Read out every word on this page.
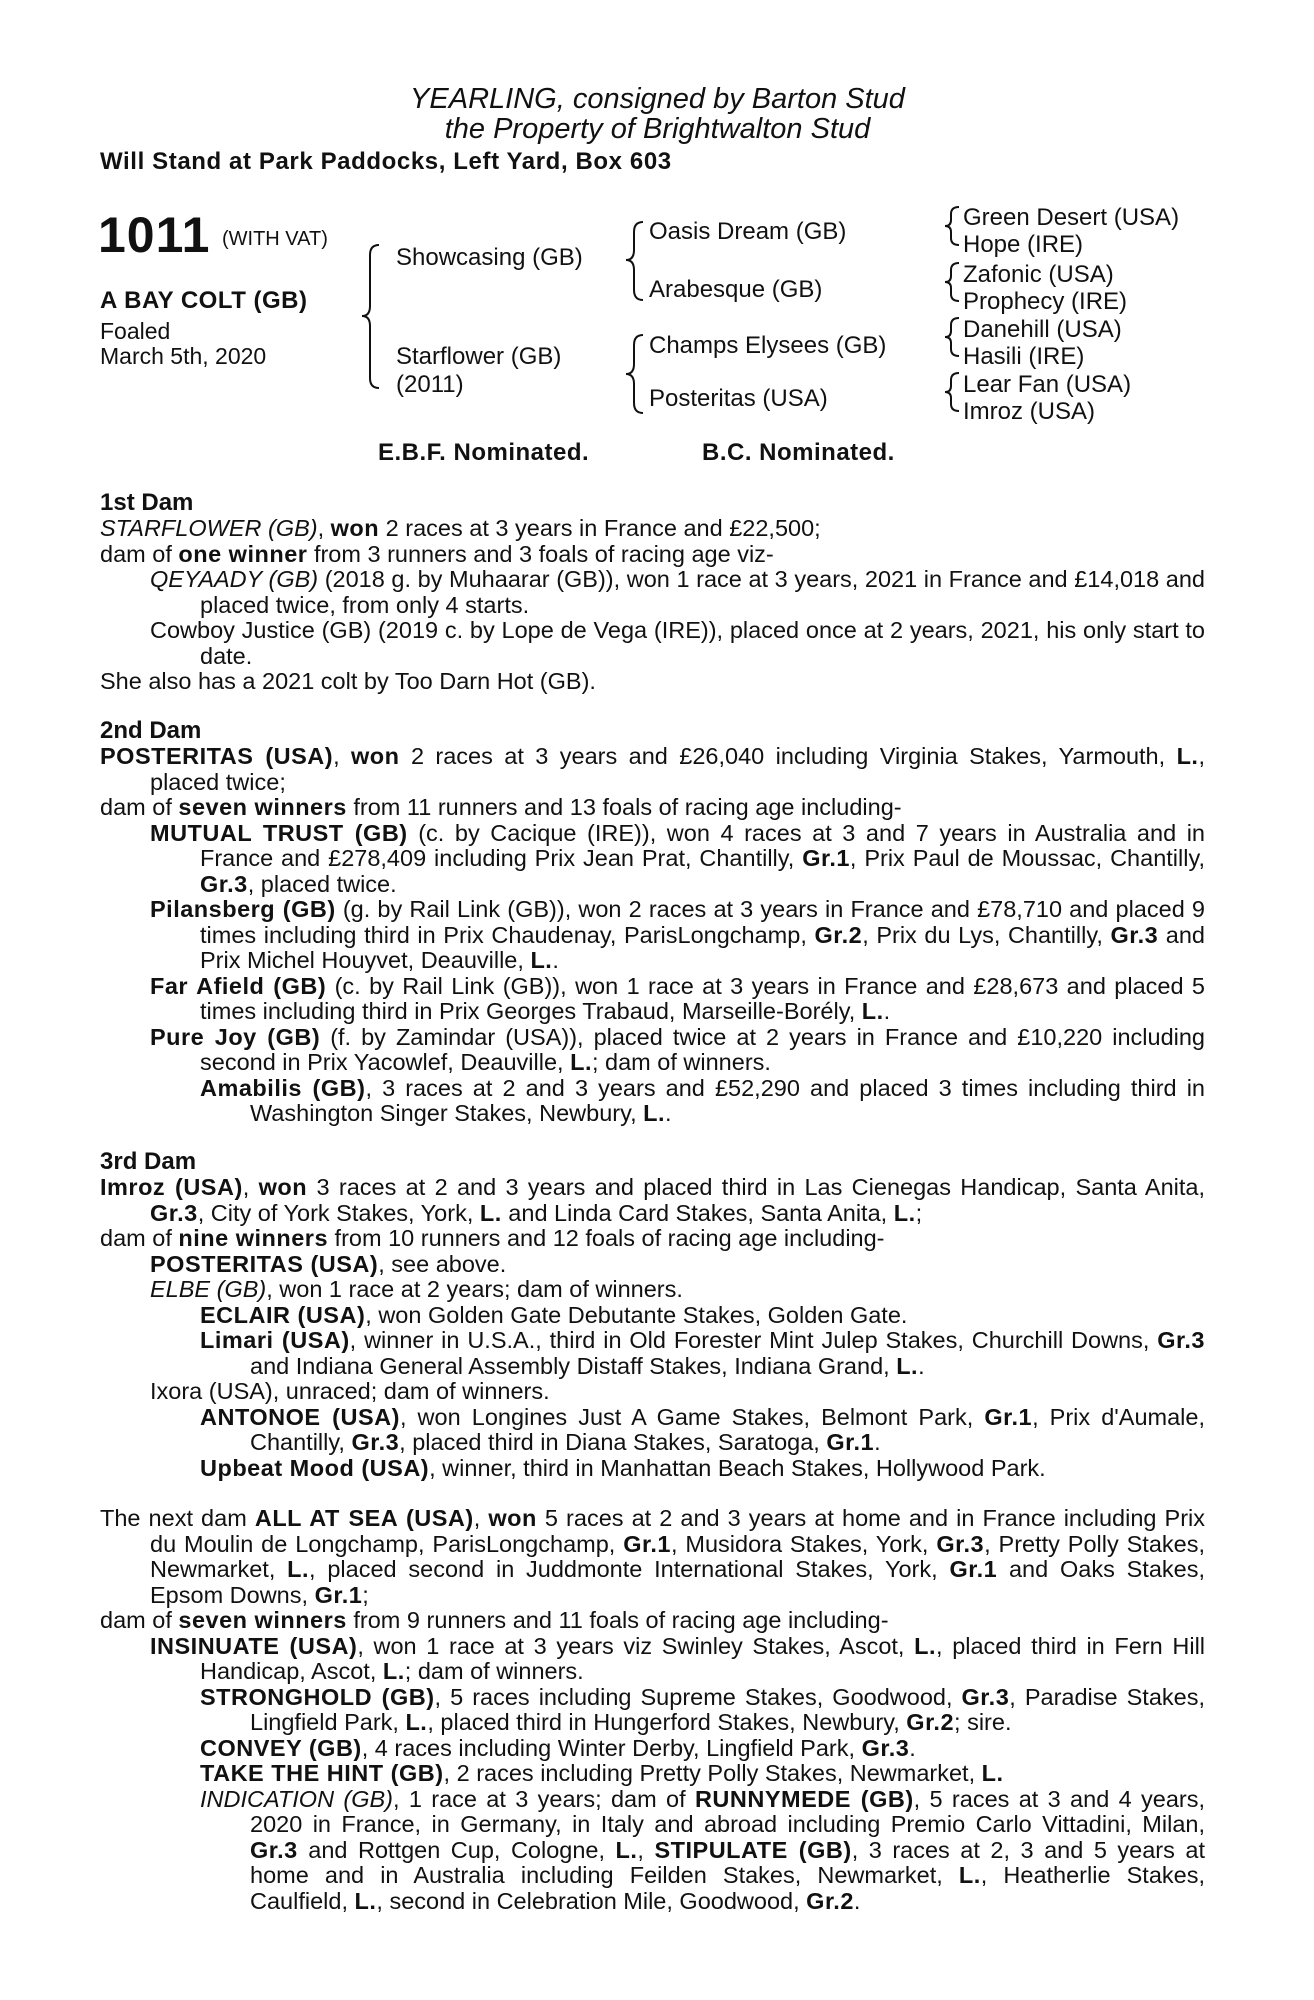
YEARLING, consigned by Barton Stud
the Property of Brightwalton Stud
Will Stand at Park Paddocks, Left Yard, Box 603
1011 (WITH VAT)
A BAY COLT (GB)
Foaled
March 5th, 2020
Showcasing (GB)
Starflower (GB)
(2011)
Oasis Dream (GB)
Arabesque (GB)
Champs Elysees (GB)
Posteritas (USA)
Green Desert (USA)
Hope (IRE)
Zafonic (USA)
Prophecy (IRE)
Danehill (USA)
Hasili (IRE)
Lear Fan (USA)
Imroz (USA)
E.B.F. Nominated.	B.C. Nominated.
1st Dam

STARFLOWER (GB), won 2 races at 3 years in France and £22,500;

dam of one winner from 3 runners and 3 foals of racing age viz-

QEYAADY (GB) (2018 g. by Muhaarar (GB)), won 1 race at 3 years, 2021 in France and £14,018 and placed twice, from only 4 starts.

Cowboy Justice (GB) (2019 c. by Lope de Vega (IRE)), placed once at 2 years, 2021, his only start to date.

She also has a 2021 colt by Too Darn Hot (GB).

2nd Dam

POSTERITAS (USA), won 2 races at 3 years and £26,040 including Virginia Stakes, Yarmouth, L., placed twice;

dam of seven winners from 11 runners and 13 foals of racing age including-

MUTUAL TRUST (GB) (c. by Cacique (IRE)), won 4 races at 3 and 7 years in Australia and in France and £278,409 including Prix Jean Prat, Chantilly, Gr.1, Prix Paul de Moussac, Chantilly, Gr.3, placed twice.

Pilansberg (GB) (g. by Rail Link (GB)), won 2 races at 3 years in France and £78,710 and placed 9 times including third in Prix Chaudenay, ParisLongchamp, Gr.2, Prix du Lys, Chantilly, Gr.3 and Prix Michel Houyvet, Deauville, L..

Far Afield (GB) (c. by Rail Link (GB)), won 1 race at 3 years in France and £28,673 and placed 5 times including third in Prix Georges Trabaud, Marseille-Borély, L..

Pure Joy (GB) (f. by Zamindar (USA)), placed twice at 2 years in France and £10,220 including second in Prix Yacowlef, Deauville, L.; dam of winners.

Amabilis (GB), 3 races at 2 and 3 years and £52,290 and placed 3 times including third in Washington Singer Stakes, Newbury, L..

3rd Dam

Imroz (USA), won 3 races at 2 and 3 years and placed third in Las Cienegas Handicap, Santa Anita, Gr.3, City of York Stakes, York, L. and Linda Card Stakes, Santa Anita, L.;

dam of nine winners from 10 runners and 12 foals of racing age including-

POSTERITAS (USA), see above.

ELBE (GB), won 1 race at 2 years; dam of winners.

ECLAIR (USA), won Golden Gate Debutante Stakes, Golden Gate.

Limari (USA), winner in U.S.A., third in Old Forester Mint Julep Stakes, Churchill Downs, Gr.3 and Indiana General Assembly Distaff Stakes, Indiana Grand, L..

Ixora (USA), unraced; dam of winners.

ANTONOE (USA), won Longines Just A Game Stakes, Belmont Park, Gr.1, Prix d'Aumale, Chantilly, Gr.3, placed third in Diana Stakes, Saratoga, Gr.1.

Upbeat Mood (USA), winner, third in Manhattan Beach Stakes, Hollywood Park.

The next dam ALL AT SEA (USA), won 5 races at 2 and 3 years at home and in France including Prix du Moulin de Longchamp, ParisLongchamp, Gr.1, Musidora Stakes, York, Gr.3, Pretty Polly Stakes, Newmarket, L., placed second in Juddmonte International Stakes, York, Gr.1 and Oaks Stakes, Epsom Downs, Gr.1;

dam of seven winners from 9 runners and 11 foals of racing age including-

INSINUATE (USA), won 1 race at 3 years viz Swinley Stakes, Ascot, L., placed third in Fern Hill Handicap, Ascot, L.; dam of winners.

STRONGHOLD (GB), 5 races including Supreme Stakes, Goodwood, Gr.3, Paradise Stakes, Lingfield Park, L., placed third in Hungerford Stakes, Newbury, Gr.2; sire.

CONVEY (GB), 4 races including Winter Derby, Lingfield Park, Gr.3.

TAKE THE HINT (GB), 2 races including Pretty Polly Stakes, Newmarket, L.

INDICATION (GB), 1 race at 3 years; dam of RUNNYMEDE (GB), 5 races at 3 and 4 years, 2020 in France, in Germany, in Italy and abroad including Premio Carlo Vittadini, Milan, Gr.3 and Rottgen Cup, Cologne, L., STIPULATE (GB), 3 races at 2, 3 and 5 years at home and in Australia including Feilden Stakes, Newmarket, L., Heatherlie Stakes, Caulfield, L., second in Celebration Mile, Goodwood, Gr.2.
